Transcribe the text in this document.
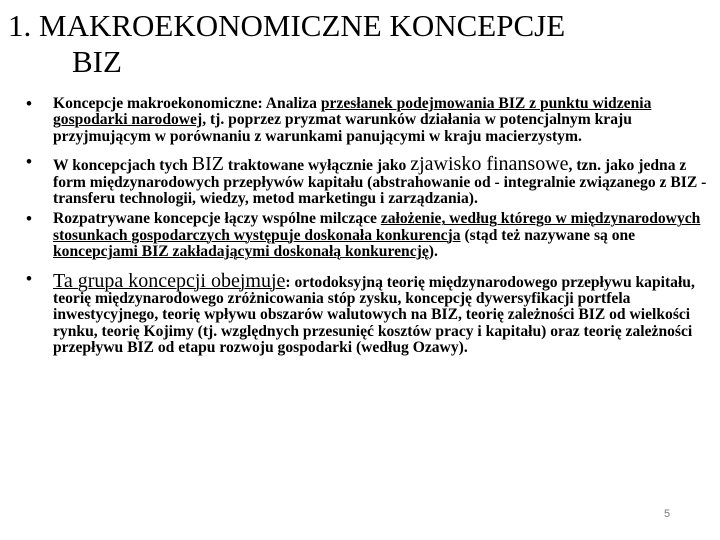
1. MAKROEKONOMICZNE KONCEPCJE
BIZ
• Koncepcje makroekonomiczne: Analiza przesłanek podejmowania BIZ z punktu widzenia gospodarki narodowej, tj. poprzez pryzmat warunków działania w potencjalnym kraju przyjmującym w porównaniu z warunkami panującymi w kraju macierzystym.
• W koncepcjach tych BIZ traktowane wyłącznie jako zjawisko finansowe, tzn. jako jedna z form międzynarodowych przepływów kapitału (abstrahowanie od - integralnie związanego z BIZ - transferu technologii, wiedzy, metod marketingu i zarządzania).
• Rozpatrywane koncepcje łączy wspólne milczące założenie, według którego w międzynarodowych stosunkach gospodarczych występuje doskonała konkurencja (stąd też nazywane są one koncepcjami BIZ zakładającymi doskonałą konkurencję).
• Ta grupa koncepcji obejmuje: ortodoksyjną teorię międzynarodowego przepływu kapitału, teorię międzynarodowego zróżnicowania stóp zysku, koncepcję dywersyfikacji portfela inwestycyjnego, teorię wpływu obszarów walutowych na BIZ, teorię zależności BIZ od wielkości rynku, teorię Kojimy (tj. względnych przesunięć kosztów pracy i kapitału) oraz teorię zależności przepływu BIZ od etapu rozwoju gospodarki (według Ozawy).
5
